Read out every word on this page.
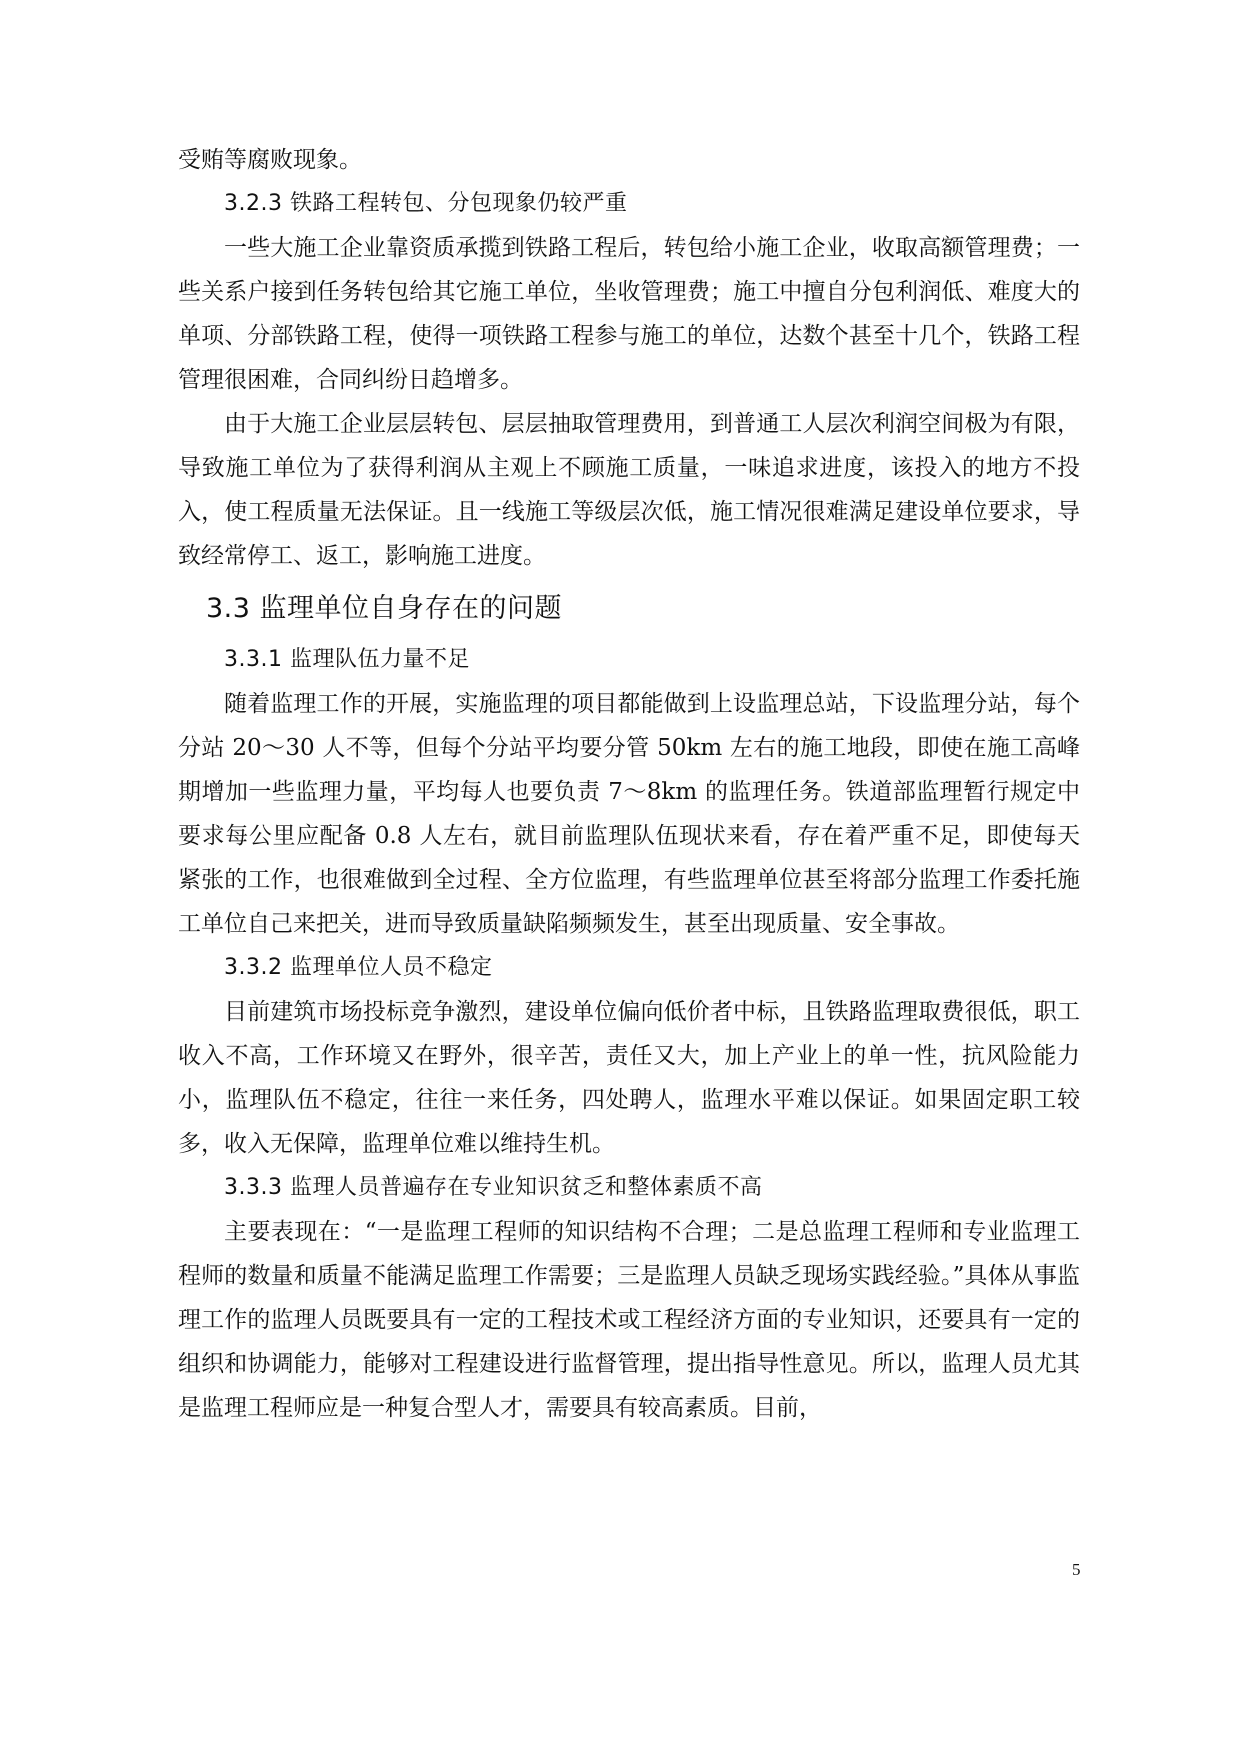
受贿等腐败现象。

3.2.3 铁路工程转包、分包现象仍较严重

一些大施工企业靠资质承揽到铁路工程后，转包给小施工企业，收取高额管理费；一些关系户接到任务转包给其它施工单位，坐收管理费；施工中擅自分包利润低、难度大的单项、分部铁路工程，使得一项铁路工程参与施工的单位，达数个甚至十几个，铁路工程管理很困难，合同纠纷日趋增多。

由于大施工企业层层转包、层层抽取管理费用，到普通工人层次利润空间极为有限，导致施工单位为了获得利润从主观上不顾施工质量，一味追求进度，该投入的地方不投入，使工程质量无法保证。且一线施工等级层次低，施工情况很难满足建设单位要求，导致经常停工、返工，影响施工进度。

3.3 监理单位自身存在的问题
3.3.1 监理队伍力量不足

随着监理工作的开展，实施监理的项目都能做到上设监理总站，下设监理分站，每个分站 20～30 人不等，但每个分站平均要分管 50km 左右的施工地段，即使在施工高峰期增加一些监理力量，平均每人也要负责 7～8km 的监理任务。铁道部监理暂行规定中要求每公里应配备 0.8 人左右，就目前监理队伍现状来看，存在着严重不足，即使每天紧张的工作，也很难做到全过程、全方位监理，有些监理单位甚至将部分监理工作委托施工单位自己来把关，进而导致质量缺陷频频发生，甚至出现质量、安全事故。

3.3.2 监理单位人员不稳定

目前建筑市场投标竞争激烈，建设单位偏向低价者中标，且铁路监理取费很低，职工收入不高，工作环境又在野外，很辛苦，责任又大，加上产业上的单一性，抗风险能力小，监理队伍不稳定，往往一来任务，四处聘人，监理水平难以保证。如果固定职工较多，收入无保障，监理单位难以维持生机。

3.3.3 监理人员普遍存在专业知识贫乏和整体素质不高

主要表现在：“一是监理工程师的知识结构不合理；二是总监理工程师和专业监理工程师的数量和质量不能满足监理工作需要；三是监理人员缺乏现场实践经验。”具体从事监理工作的监理人员既要具有一定的工程技术或工程经济方面的专业知识，还要具有一定的组织和协调能力，能够对工程建设进行监督管理，提出指导性意见。所以，监理人员尤其是监理工程师应是一种复合型人才，需要具有较高素质。目前，

5
